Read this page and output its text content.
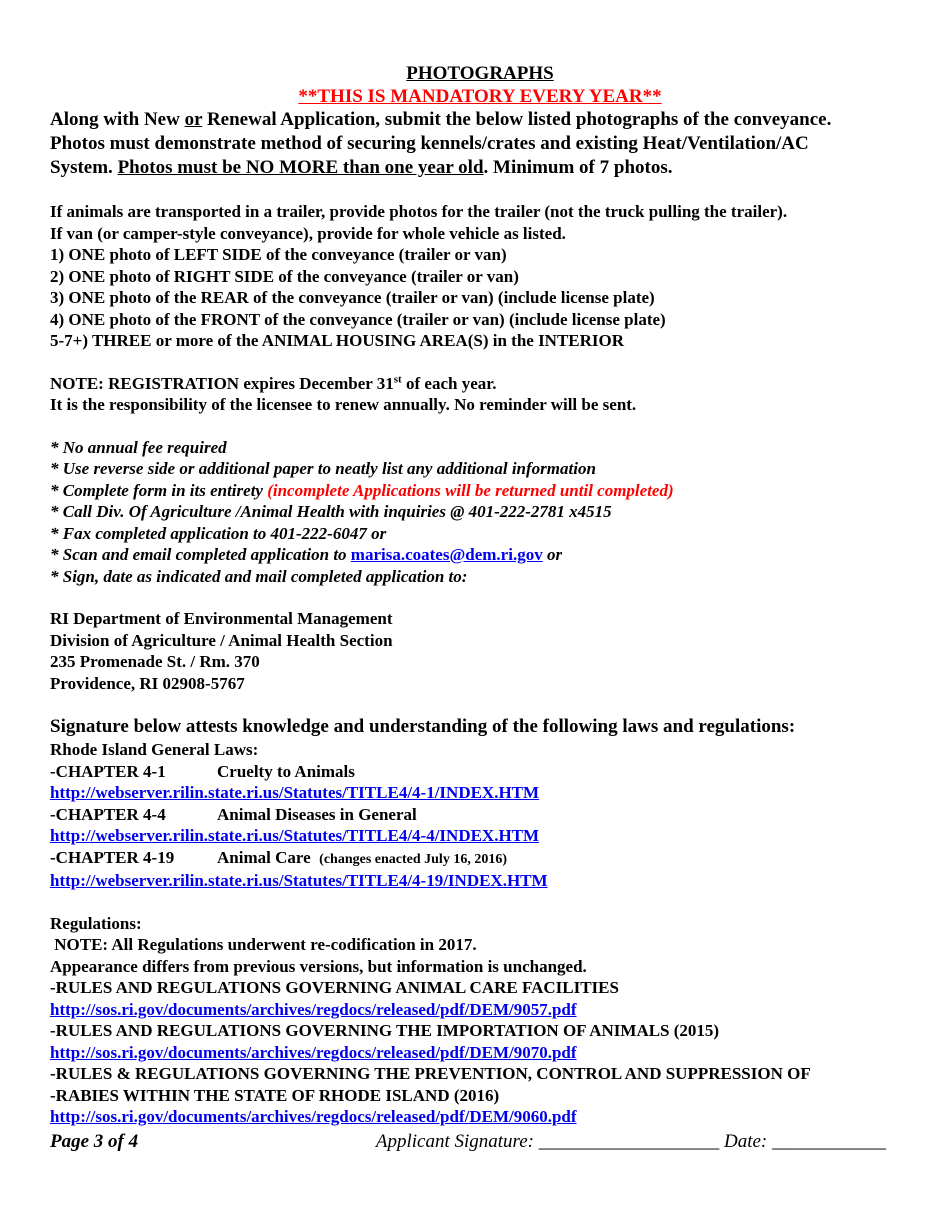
PHOTOGRAPHS
**THIS IS MANDATORY EVERY YEAR**

Along with New or Renewal Application, submit the below listed photographs of the conveyance.

Photos must demonstrate method of securing kennels/crates and existing Heat/Ventilation/AC

System. Photos must be NO MORE than one year old. Minimum of 7 photos.

If animals are transported in a trailer, provide photos for the trailer (not the truck pulling the trailer).

If van (or camper-style conveyance), provide for whole vehicle as listed.

1) ONE photo of LEFT SIDE of the conveyance (trailer or van)

2) ONE photo of RIGHT SIDE of the conveyance (trailer or van)

3) ONE photo of the REAR of the conveyance (trailer or van) (include license plate)

4) ONE photo of the FRONT of the conveyance (trailer or van) (include license plate)

5-7+) THREE or more of the ANIMAL HOUSING AREA(S) in the INTERIOR

NOTE: REGISTRATION expires December 31st of each year.

It is the responsibility of the licensee to renew annually. No reminder will be sent.

* No annual fee required

* Use reverse side or additional paper to neatly list any additional information

* Complete form in its entirety (incomplete Applications will be returned until completed)

* Call Div. Of Agriculture /Animal Health with inquiries @ 401-222-2781 x4515

* Fax completed application to 401-222-6047 or

* Scan and email completed application to marisa.coates@dem.ri.gov or

* Sign, date as indicated and mail completed application to:

RI Department of Environmental Management

Division of Agriculture / Animal Health Section

235 Promenade St. / Rm. 370

Providence, RI 02908-5767

Signature below attests knowledge and understanding of the following laws and regulations:

Rhode Island General Laws:

-CHAPTER 4-1	Cruelty to Animals

http://webserver.rilin.state.ri.us/Statutes/TITLE4/4-1/INDEX.HTM

-CHAPTER 4-4	Animal Diseases in General

http://webserver.rilin.state.ri.us/Statutes/TITLE4/4-4/INDEX.HTM

-CHAPTER 4-19	Animal Care (changes enacted July 16, 2016)

http://webserver.rilin.state.ri.us/Statutes/TITLE4/4-19/INDEX.HTM

Regulations:

NOTE: All Regulations underwent re-codification in 2017.

Appearance differs from previous versions, but information is unchanged.

-RULES AND REGULATIONS GOVERNING ANIMAL CARE FACILITIES

http://sos.ri.gov/documents/archives/regdocs/released/pdf/DEM/9057.pdf

-RULES AND REGULATIONS GOVERNING THE IMPORTATION OF ANIMALS (2015)

http://sos.ri.gov/documents/archives/regdocs/released/pdf/DEM/9070.pdf

-RULES & REGULATIONS GOVERNING THE PREVENTION, CONTROL AND SUPPRESSION OF

-RABIES WITHIN THE STATE OF RHODE ISLAND (2016)

http://sos.ri.gov/documents/archives/regdocs/released/pdf/DEM/9060.pdf

Page 3 of 4	Applicant Signature: ___________________ Date: ____________
